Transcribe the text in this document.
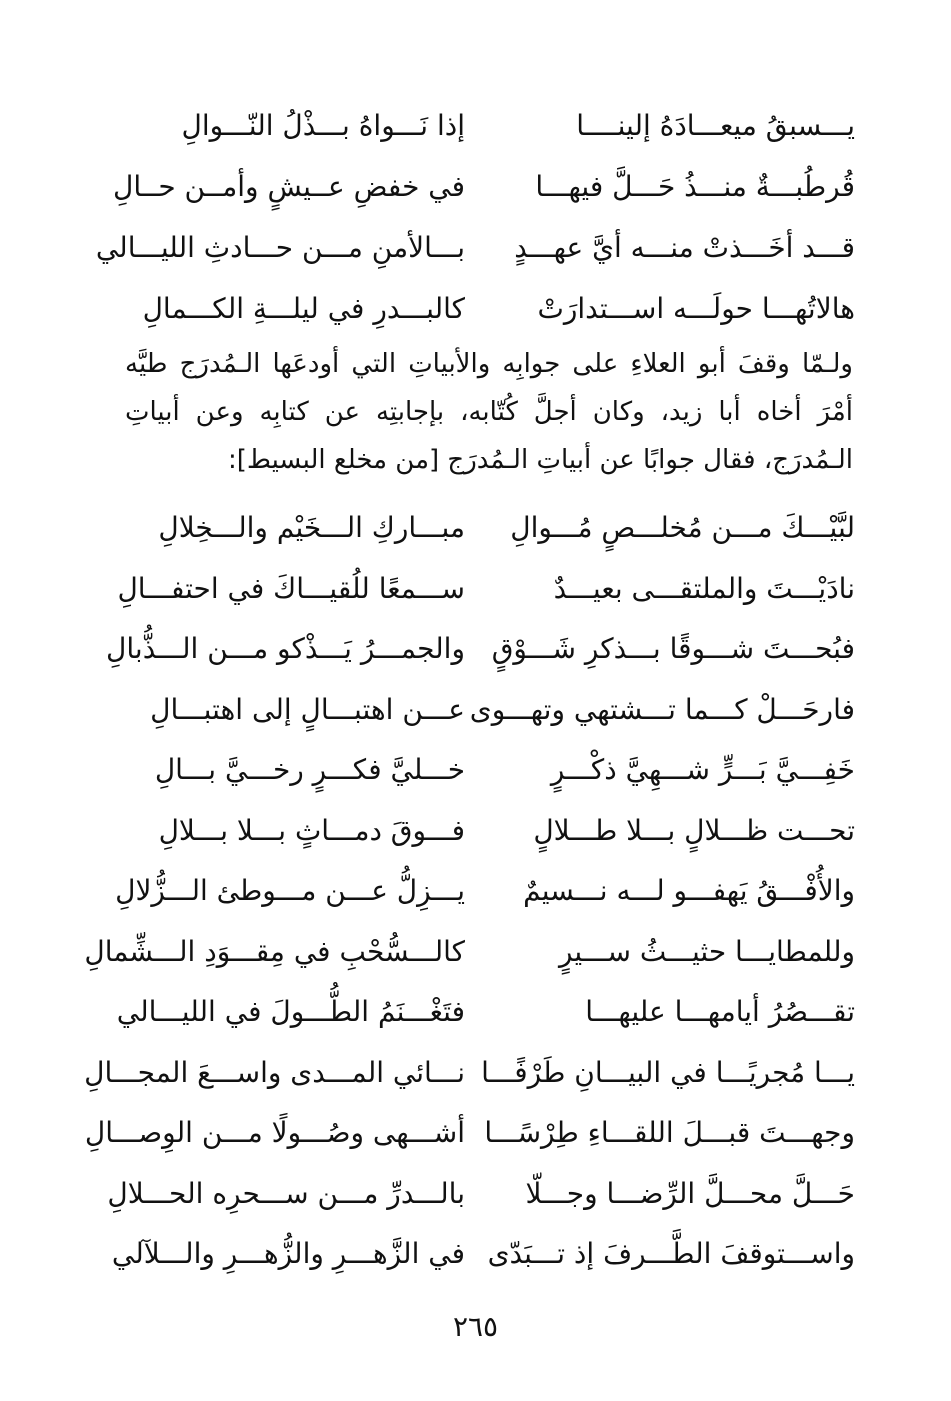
يـــسبقُ ميعـــادَهُ إلينــــا
إذا نَـــواهُ بـــذْلُ النّـــوالِ
قُرطُبـــةٌ منـــذُ حَـــلَّ فيهـــا
في خفضِ عــيشٍ وأمــن حــالِ
قـــد أخَـــذتْ منـــه أيَّ عهـــدٍ
بـــالأمنِ مـــن حـــادثِ الليـــالي
هالاتُهـــا حولَـــه اســـتدارَتْ
كالبـــدرِ في ليلـــةِ الكـــمالِ

ولـمّا وقفَ أبو العلاءِ على جوابِه والأبياتِ التي أودعَها الـمُدرَج طيَّه أمْرَ أخاه أبا زيد، وكان أجلَّ كُتّابه، بإجابتِه عن كتابِه وعن أبياتِ الـمُدرَج، فقال جوابًا عن أبياتِ الـمُدرَج [من مخلع البسيط]:

لبَّيْـــكَ مـــن مُخلـــصٍ مُـــوالِ
مبـــاركِ الـــخَيْم والـــخِلالِ
نادَيْـــتَ والملتقـــى بعيـــدٌ
ســـمعًا للُقيـــاكَ في احتفـــالِ
فبُحـــتَ شـــوقًا بـــذكرِ شَـــوْقٍ
والجمـــرُ يَـــذْكو مـــن الـــذُّبالِ
فارحَـــلْ كـــما تـــشتهي وتهـــوى
عـــن اهتبـــالٍ إلى اهتبـــالِ
خَفِـــيَّ بَـــرٍّ شـــهِيَّ ذكْـــرٍ
خـــليَّ فكـــرٍ رخـــيَّ بـــالِ
تحـــت ظـــلالٍ بـــلا طـــلالٍ
فـــوقَ دمـــاثٍ بـــلا بـــلالِ
والأُفْـــقُ يَهفـــو لـــه نـــسيمٌ
يـــزِلُّ عـــن مـــوطئ الـــزُّلالِ
وللمطايـــا حثيـــثُ ســـيرٍ
كالـــسُّحْبِ في مِقـــوَدِ الـــشِّمالِ
تقـــصُرُ أيامهـــا عليهـــا
فتَغْـــنَمُ الطُّـــولَ في الليـــالي
يـــا مُجريًـــا في البيـــانِ طَرْفًـــا
نـــائي المـــدى واســـعَ المجـــالِ
وجهـــتَ قبـــلَ اللقـــاءِ طِرْسًـــا
أشـــهى وصُـــولًا مـــن الوِصـــالِ
حَـــلَّ محـــلَّ الرِّضـــا وجـــلّا
بالـــدرِّ مـــن ســـحرِه الحـــلالِ
واســـتوقفَ الطَّـــرفَ إذ تـــبَدّى
في الزَّهـــرِ والزُّهـــرِ والـــلآلي
٢٦٥
